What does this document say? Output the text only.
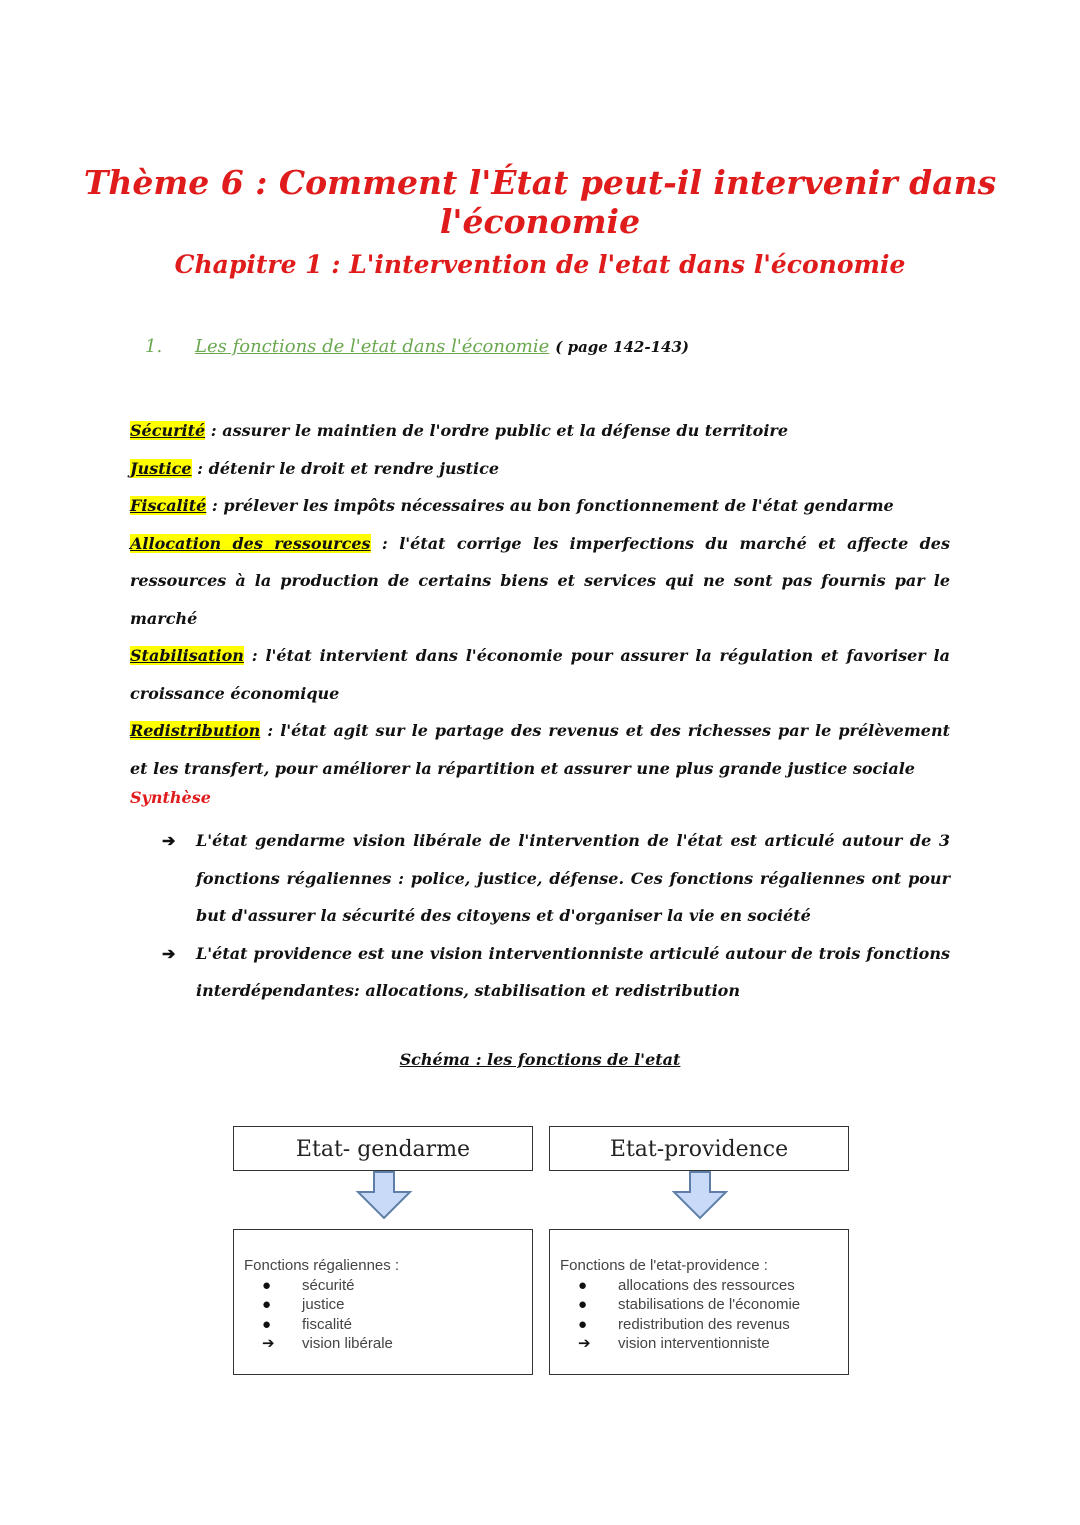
Thème 6 : Comment l'État peut-il intervenir dans l'économie
Chapitre 1 : L'intervention de l'etat dans l'économie
1. Les fonctions de l'etat dans l'économie ( page 142-143)

Sécurité : assurer le maintien de l'ordre public et la défense du territoire

Justice : détenir le droit et rendre justice

Fiscalité : prélever les impôts nécessaires au bon fonctionnement de l'état gendarme

Allocation des ressources : l'état corrige les imperfections du marché et affecte des ressources à la production de certains biens et services qui ne sont pas fournis par le marché

Stabilisation : l'état intervient dans l'économie pour assurer la régulation et favoriser la croissance économique

Redistribution : l'état agit sur le partage des revenus et des richesses par le prélèvement et les transfert, pour améliorer la répartition et assurer une plus grande justice sociale

Synthèse

➔ L'état gendarme vision libérale de l'intervention de l'état est articulé autour de 3 fonctions régaliennes : police, justice, défense. Ces fonctions régaliennes ont pour but d'assurer la sécurité des citoyens et d'organiser la vie en société

➔ L'état providence est une vision interventionniste articulé autour de trois fonctions interdépendantes: allocations, stabilisation et redistribution

Schéma : les fonctions de l'etat
Etat- gendarme
Fonctions régaliennes :
● sécurité
● justice
● fiscalité
➔ vision libérale
Etat-providence
Fonctions de l'etat-providence :
● allocations des ressources
● stabilisations de l'économie
● redistribution des revenus
➔ vision interventionniste
